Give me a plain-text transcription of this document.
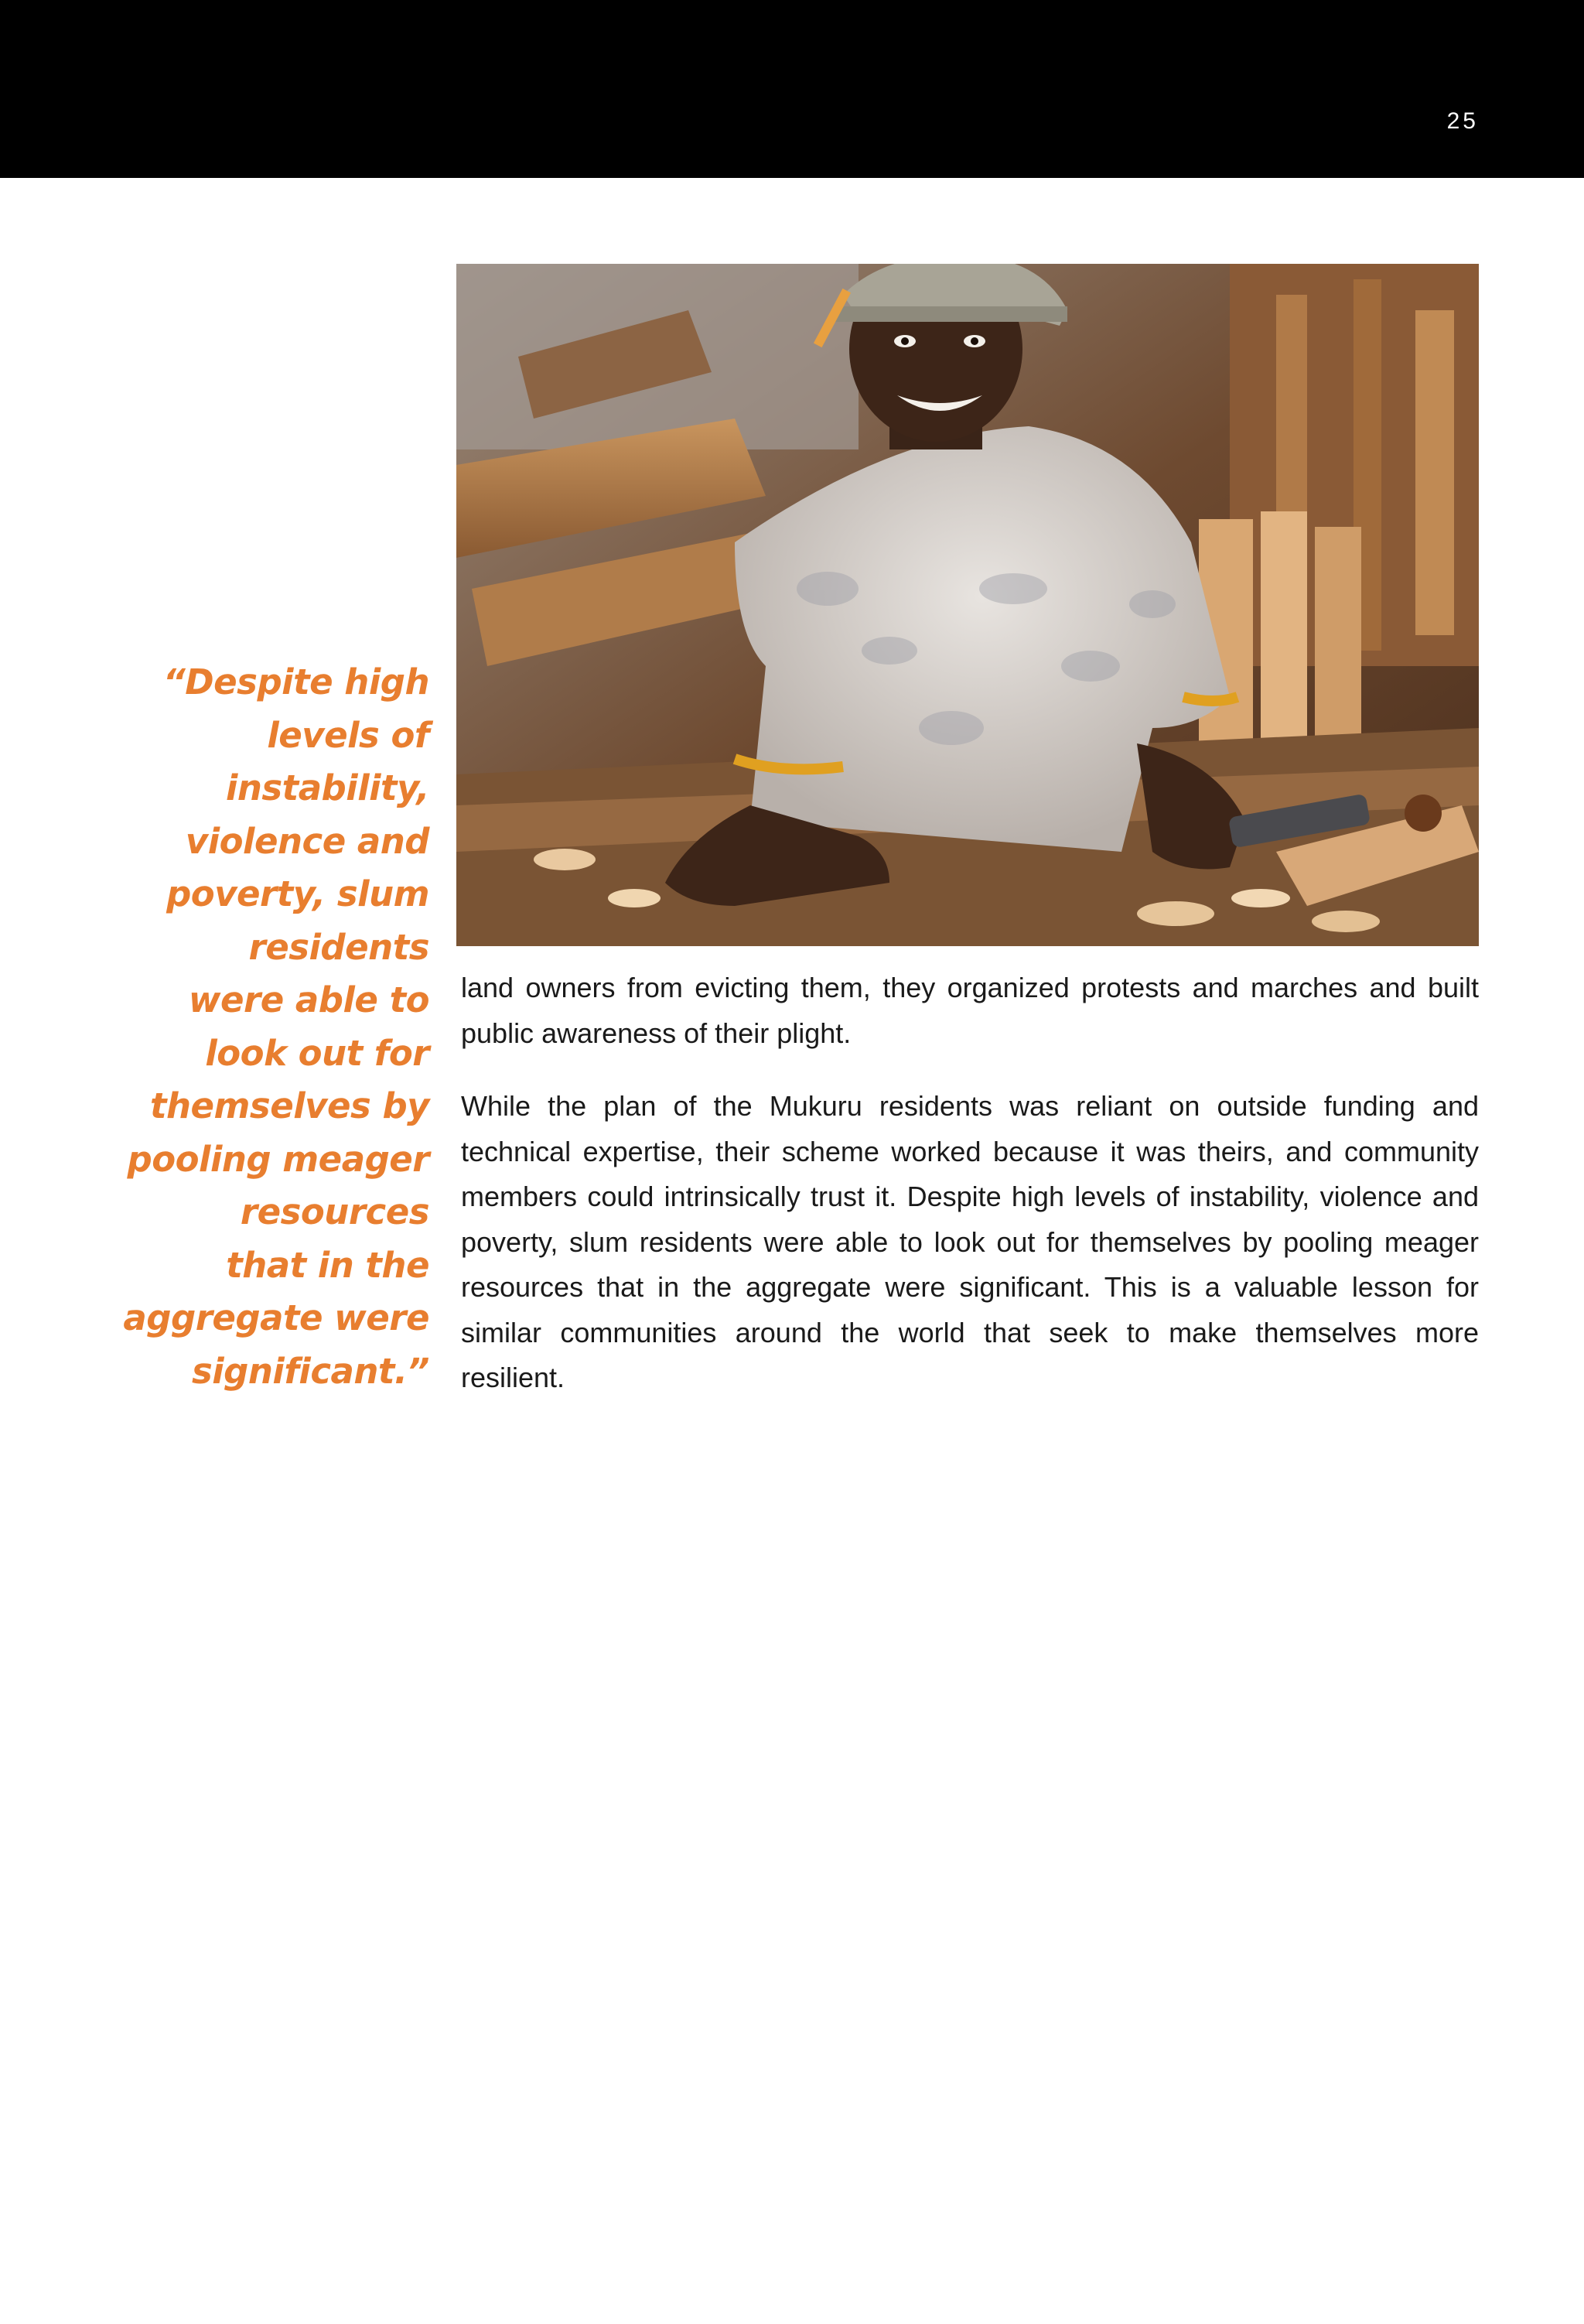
25
“Despite high
levels of
instability,
violence and
poverty, slum
residents
were able to
look out for
themselves by
pooling meager
resources
that in the
aggregate were
significant.”

land owners from evicting them, they organized protests and marches and built public awareness of their plight.

While the plan of the Mukuru residents was reliant on outside funding and technical expertise, their scheme worked because it was theirs, and community members could intrinsically trust it. Despite high levels of instability, violence and poverty, slum residents were able to look out for themselves by pooling meager resources that in the aggregate were significant. This is a valuable lesson for similar communities around the world that seek to make themselves more resilient.
